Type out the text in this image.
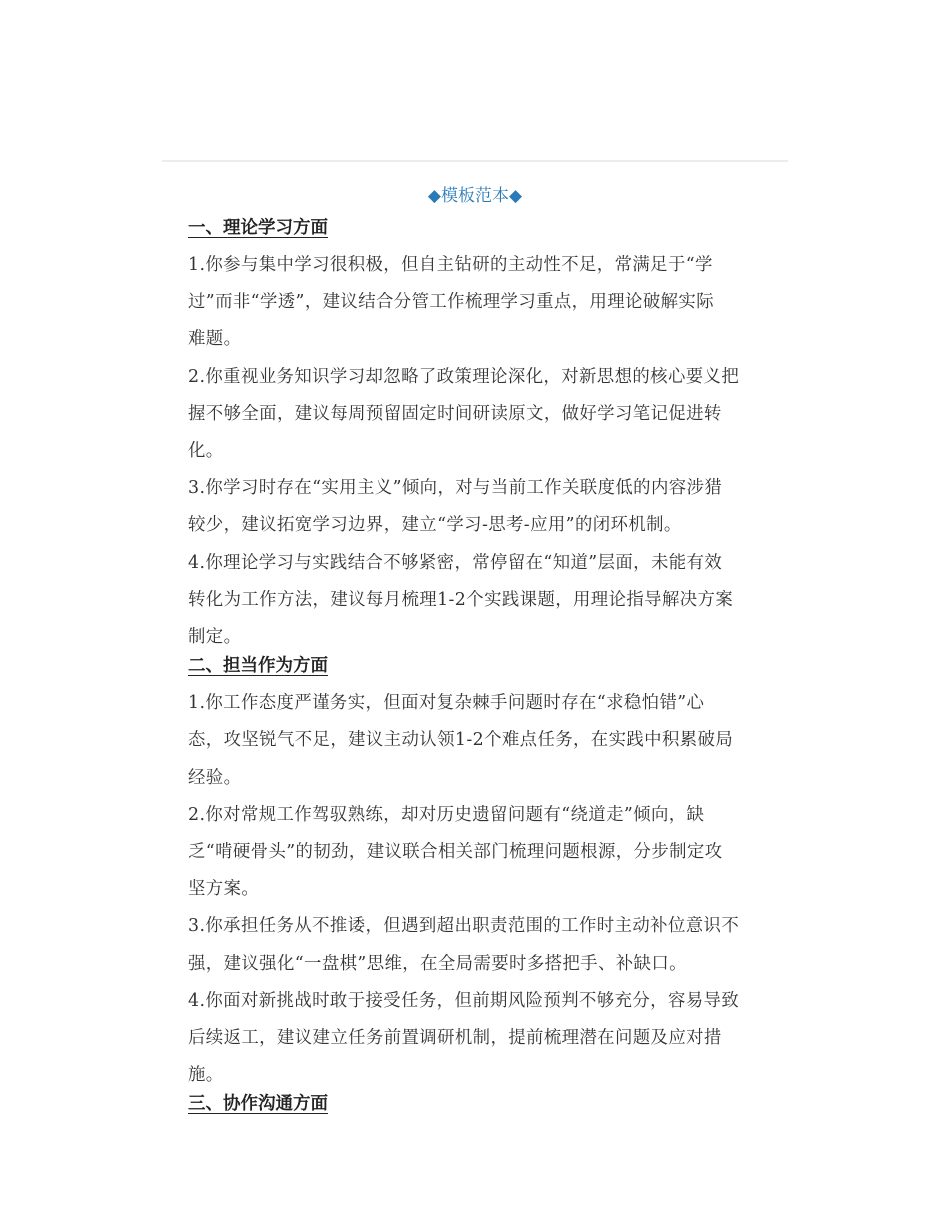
◆模板范本◆
一、理论学习方面
1.你参与集中学习很积极，但自主钻研的主动性不足，常满足于“学
过”而非“学透”，建议结合分管工作梳理学习重点，用理论破解实际
难题。
2.你重视业务知识学习却忽略了政策理论深化，对新思想的核心要义把
握不够全面，建议每周预留固定时间研读原文，做好学习笔记促进转
化。
3.你学习时存在“实用主义”倾向，对与当前工作关联度低的内容涉猎
较少，建议拓宽学习边界，建立“学习-思考-应用”的闭环机制。
4.你理论学习与实践结合不够紧密，常停留在“知道”层面，未能有效
转化为工作方法，建议每月梳理1-2个实践课题，用理论指导解决方案
制定。
二、担当作为方面
1.你工作态度严谨务实，但面对复杂棘手问题时存在“求稳怕错”心
态，攻坚锐气不足，建议主动认领1-2个难点任务，在实践中积累破局
经验。
2.你对常规工作驾驭熟练，却对历史遗留问题有“绕道走”倾向，缺
乏“啃硬骨头”的韧劲，建议联合相关部门梳理问题根源，分步制定攻
坚方案。
3.你承担任务从不推诿，但遇到超出职责范围的工作时主动补位意识不
强，建议强化“一盘棋”思维，在全局需要时多搭把手、补缺口。
4.你面对新挑战时敢于接受任务，但前期风险预判不够充分，容易导致
后续返工，建议建立任务前置调研机制，提前梳理潜在问题及应对措
施。
三、协作沟通方面
